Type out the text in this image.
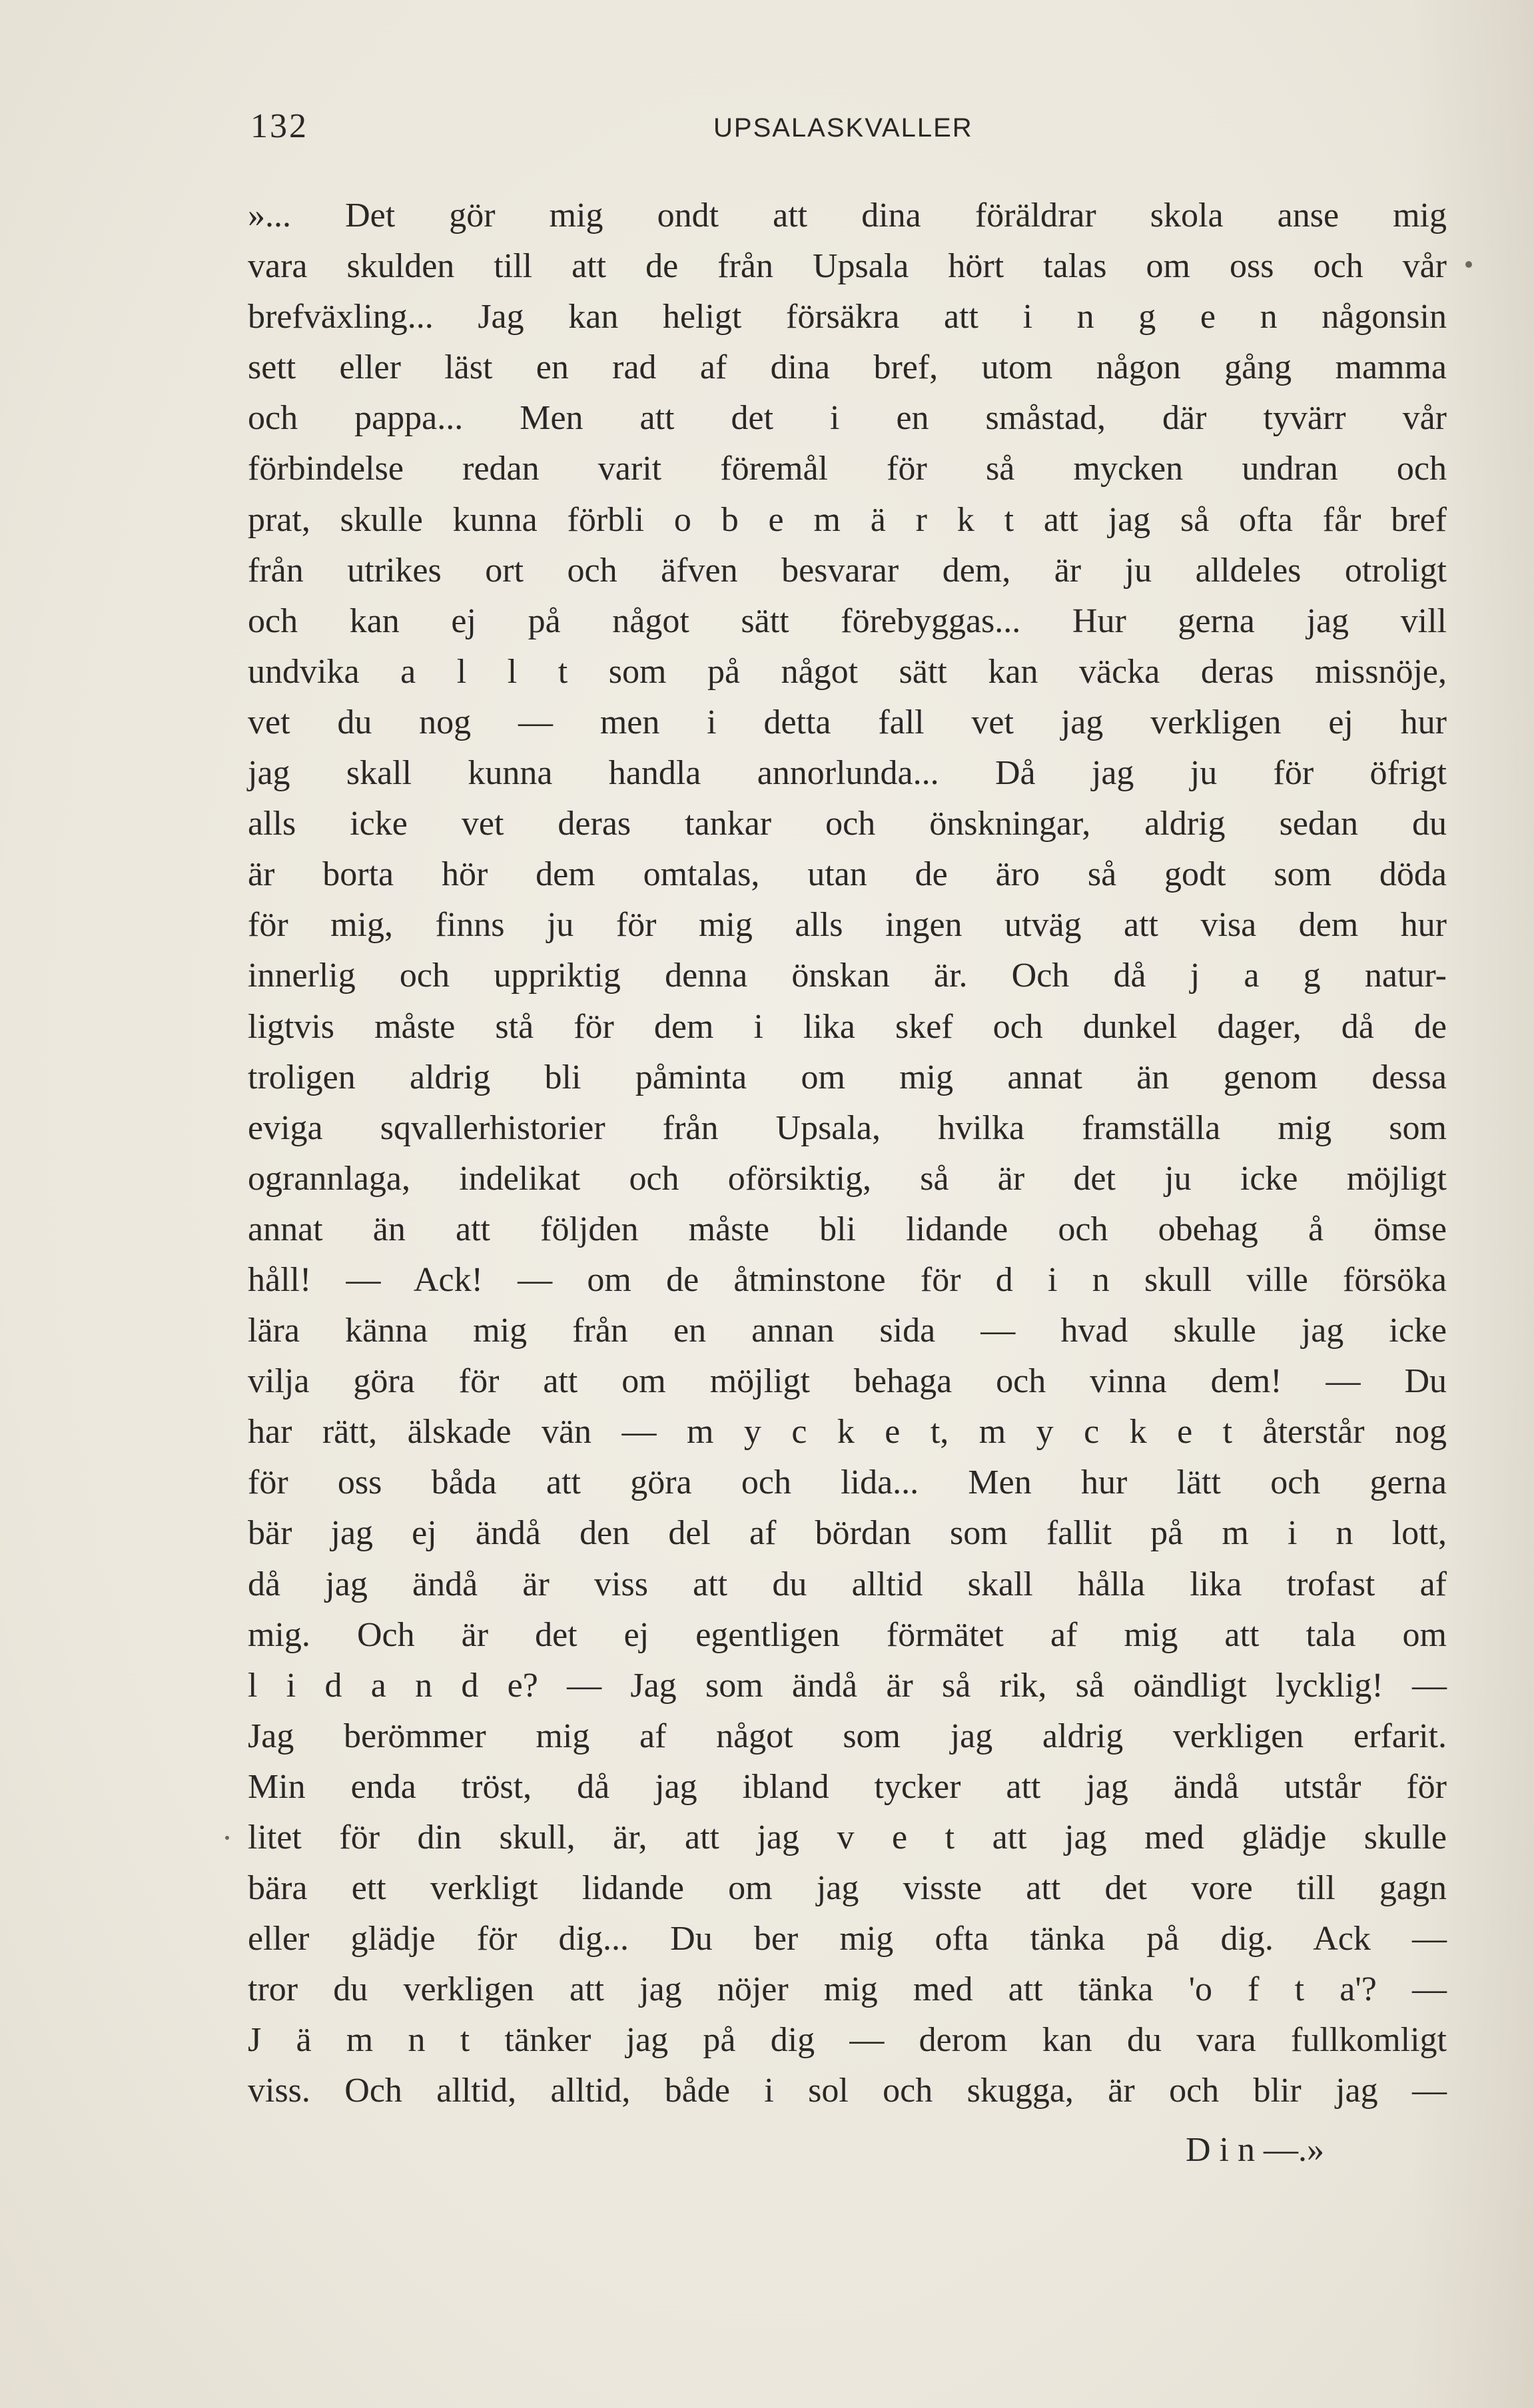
132	UPSALASKVALLER
»... Det gör mig ondt att dina föräldrar skola anse mig
vara skulden till att de från Upsala hört talas om oss och vår
brefväxling... Jag kan heligt försäkra att i n g e n någonsin
sett eller läst en rad af dina bref, utom någon gång mamma
och pappa... Men att det i en småstad, där tyvärr vår
förbindelse redan varit föremål för så mycken undran och
prat, skulle kunna förbli o b e m ä r k t att jag så ofta får bref
från utrikes ort och äfven besvarar dem, är ju alldeles otroligt
och kan ej på något sätt förebyggas... Hur gerna jag vill
undvika a l l t som på något sätt kan väcka deras missnöje,
vet du nog — men i detta fall vet jag verkligen ej hur
jag skall kunna handla annorlunda... Då jag ju för öfrigt
alls icke vet deras tankar och önskningar, aldrig sedan du
är borta hör dem omtalas, utan de äro så godt som döda
för mig, finns ju för mig alls ingen utväg att visa dem hur
innerlig och uppriktig denna önskan är. Och då j a g natur-
ligtvis måste stå för dem i lika skef och dunkel dager, då de
troligen aldrig bli påminta om mig annat än genom dessa
eviga sqvallerhistorier från Upsala, hvilka framställa mig som
ogrannlaga, indelikat och oförsiktig, så är det ju icke möjligt
annat än att följden måste bli lidande och obehag å ömse
håll! — Ack! — om de åtminstone för d i n skull ville försöka
lära känna mig från en annan sida — hvad skulle jag icke
vilja göra för att om möjligt behaga och vinna dem! — Du
har rätt, älskade vän — m y c k e t, m y c k e t återstår nog
för oss båda att göra och lida... Men hur lätt och gerna
bär jag ej ändå den del af bördan som fallit på m i n lott,
då jag ändå är viss att du alltid skall hålla lika trofast af
mig. Och är det ej egentligen förmätet af mig att tala om
l i d a n d e? — Jag som ändå är så rik, så oändligt lycklig! —
Jag berömmer mig af något som jag aldrig verkligen erfarit.
Min enda tröst, då jag ibland tycker att jag ändå utstår för
litet för din skull, är, att jag v e t att jag med glädje skulle
bära ett verkligt lidande om jag visste att det vore till gagn
eller glädje för dig... Du ber mig ofta tänka på dig. Ack —
tror du verkligen att jag nöjer mig med att tänka 'o f t a'? —
J ä m n t tänker jag på dig — derom kan du vara fullkomligt
viss. Och alltid, alltid, både i sol och skugga, är och blir jag —
D i n —.»
